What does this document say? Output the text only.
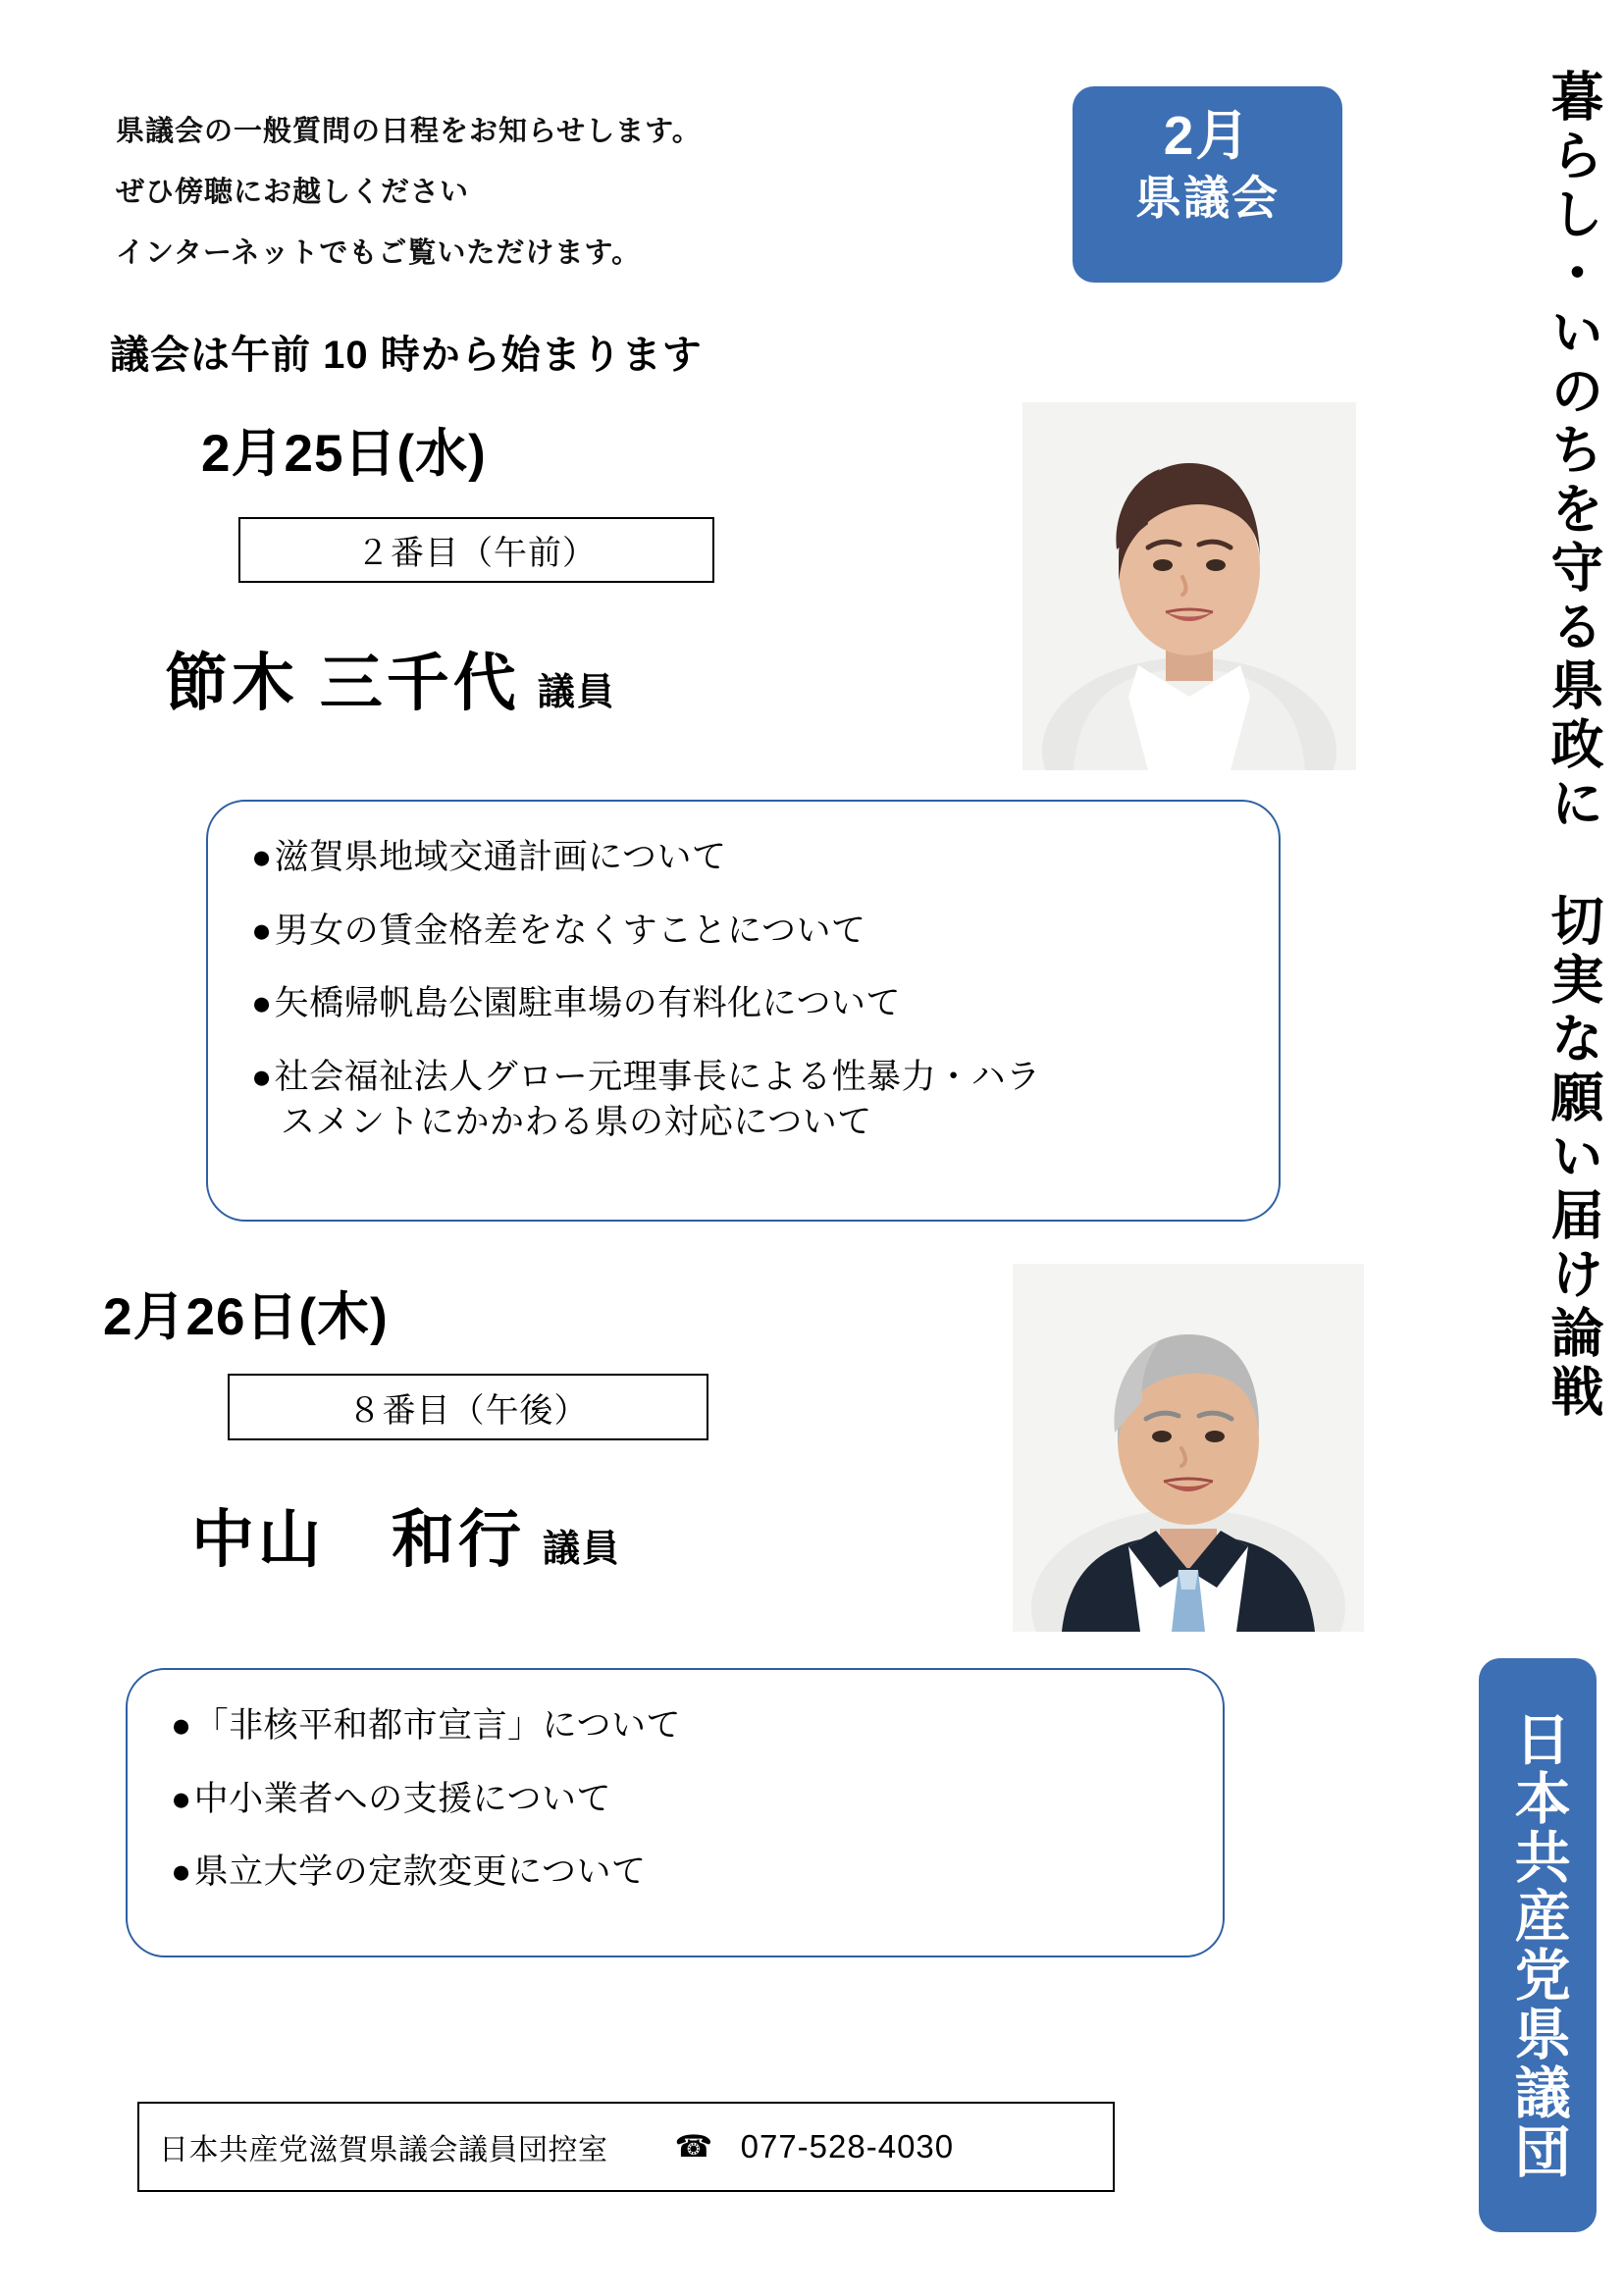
県議会の一般質問の日程をお知らせします。
ぜひ傍聴にお越しください
インターネットでもご覧いただけます。
議会は午前 10 時から始まります
2月
県議会	暮らし・いのちを守る県政に　切実な願い届け論戦
日本共産党県議団
2月25日(水)
２番目（午前）
節木 三千代 議員
●滋賀県地域交通計画について
●男女の賃金格差をなくすことについて
●矢橋帰帆島公園駐車場の有料化について
●社会福祉法人グロー元理事長による性暴力・ハラ
スメントにかかわる県の対応について
2月26日(木)
８番目（午後）
中山　和行 議員
●「非核平和都市宣言」について
●中小業者への支援について
●県立大学の定款変更について
日本共産党滋賀県議会議員団控室 ☎ 077-528-4030
